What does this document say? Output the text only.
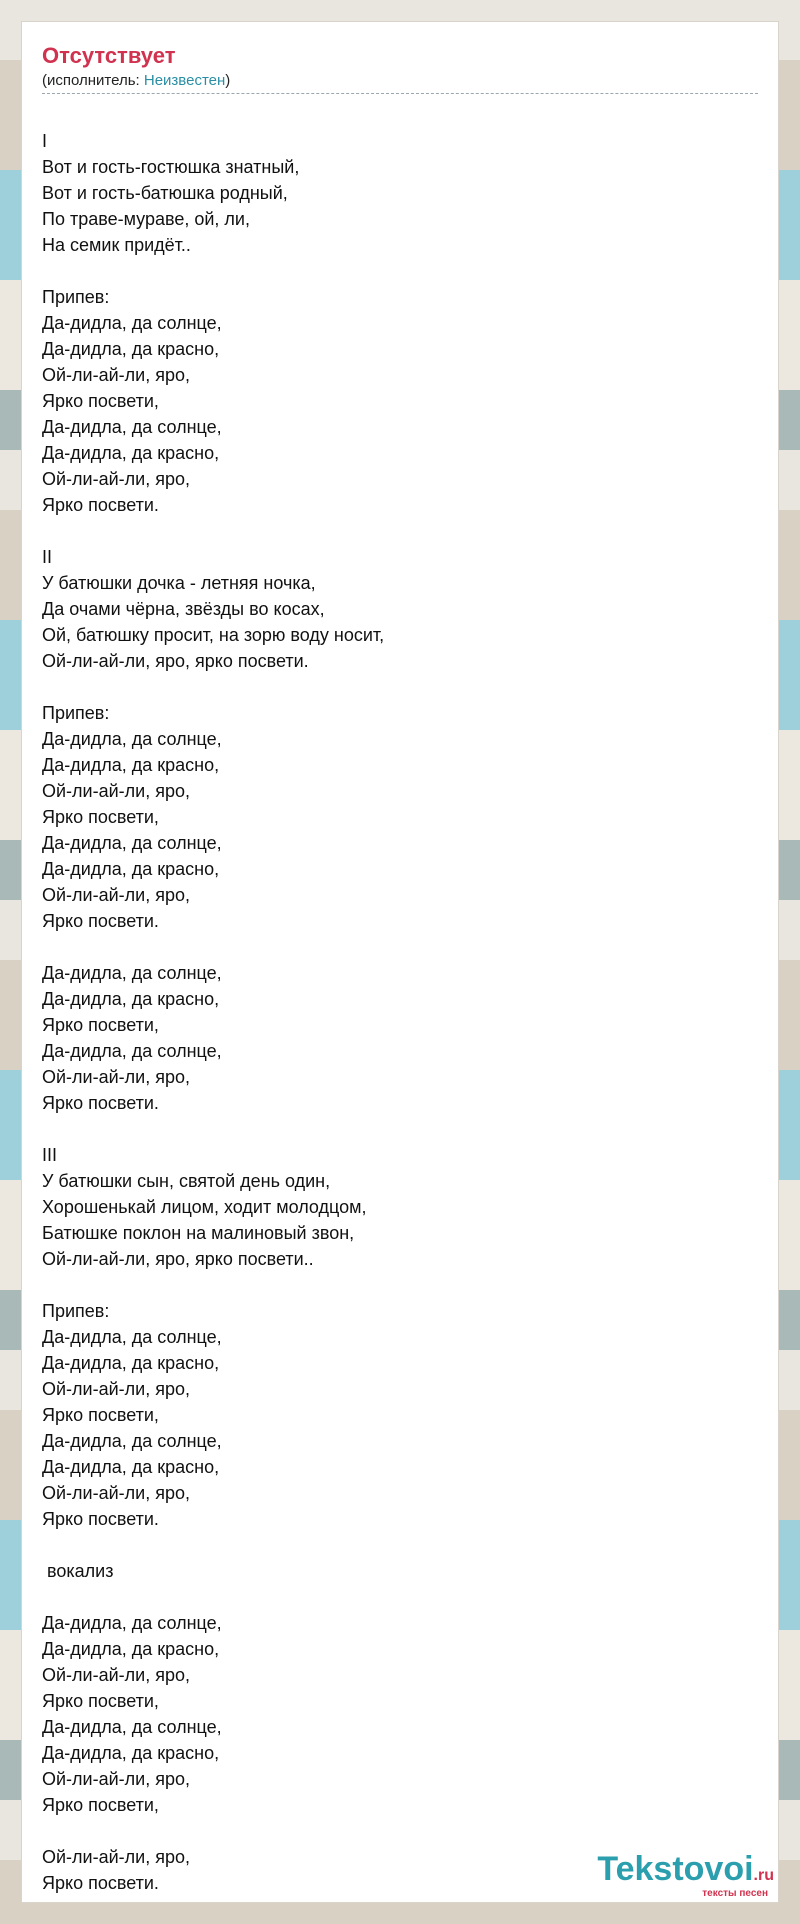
Отсутствует
(исполнитель: Неизвестен)
I
Вот и гость-гостюшка знатный,
Вот и гость-батюшка родный,
По траве-мураве, ой, ли,
На семик придёт..
Припев:
Да-дидла, да солнце,
Да-дидла, да красно,
Ой-ли-ай-ли, яро,
Ярко посвети,
Да-дидла, да солнце,
Да-дидла, да красно,
Ой-ли-ай-ли, яро,
Ярко посвети.
II
У батюшки дочка - летняя ночка,
Да очами чёрна, звёзды во косах,
Ой, батюшку просит, на зорю воду носит,
Ой-ли-ай-ли, яро, ярко посвети.
Припев:
Да-дидла, да солнце,
Да-дидла, да красно,
Ой-ли-ай-ли, яро,
Ярко посвети,
Да-дидла, да солнце,
Да-дидла, да красно,
Ой-ли-ай-ли, яро,
Ярко посвети.
Да-дидла, да солнце,
Да-дидла, да красно,
Ярко посвети,
Да-дидла, да солнце,
Ой-ли-ай-ли, яро,
Ярко посвети.
III
У батюшки сын, святой день один,
Хорошенькай лицом, ходит молодцом,
Батюшке поклон на малиновый звон,
Ой-ли-ай-ли, яро, ярко посвети..
Припев:
Да-дидла, да солнце,
Да-дидла, да красно,
Ой-ли-ай-ли, яро,
Ярко посвети,
Да-дидла, да солнце,
Да-дидла, да красно,
Ой-ли-ай-ли, яро,
Ярко посвети.
вокализ
Да-дидла, да солнце,
Да-дидла, да красно,
Ой-ли-ай-ли, яро,
Ярко посвети,
Да-дидла, да солнце,
Да-дидла, да красно,
Ой-ли-ай-ли, яро,
Ярко посвети,
Ой-ли-ай-ли, яро,
Ярко посвети.	Tekstovoi.ru
тексты песен
